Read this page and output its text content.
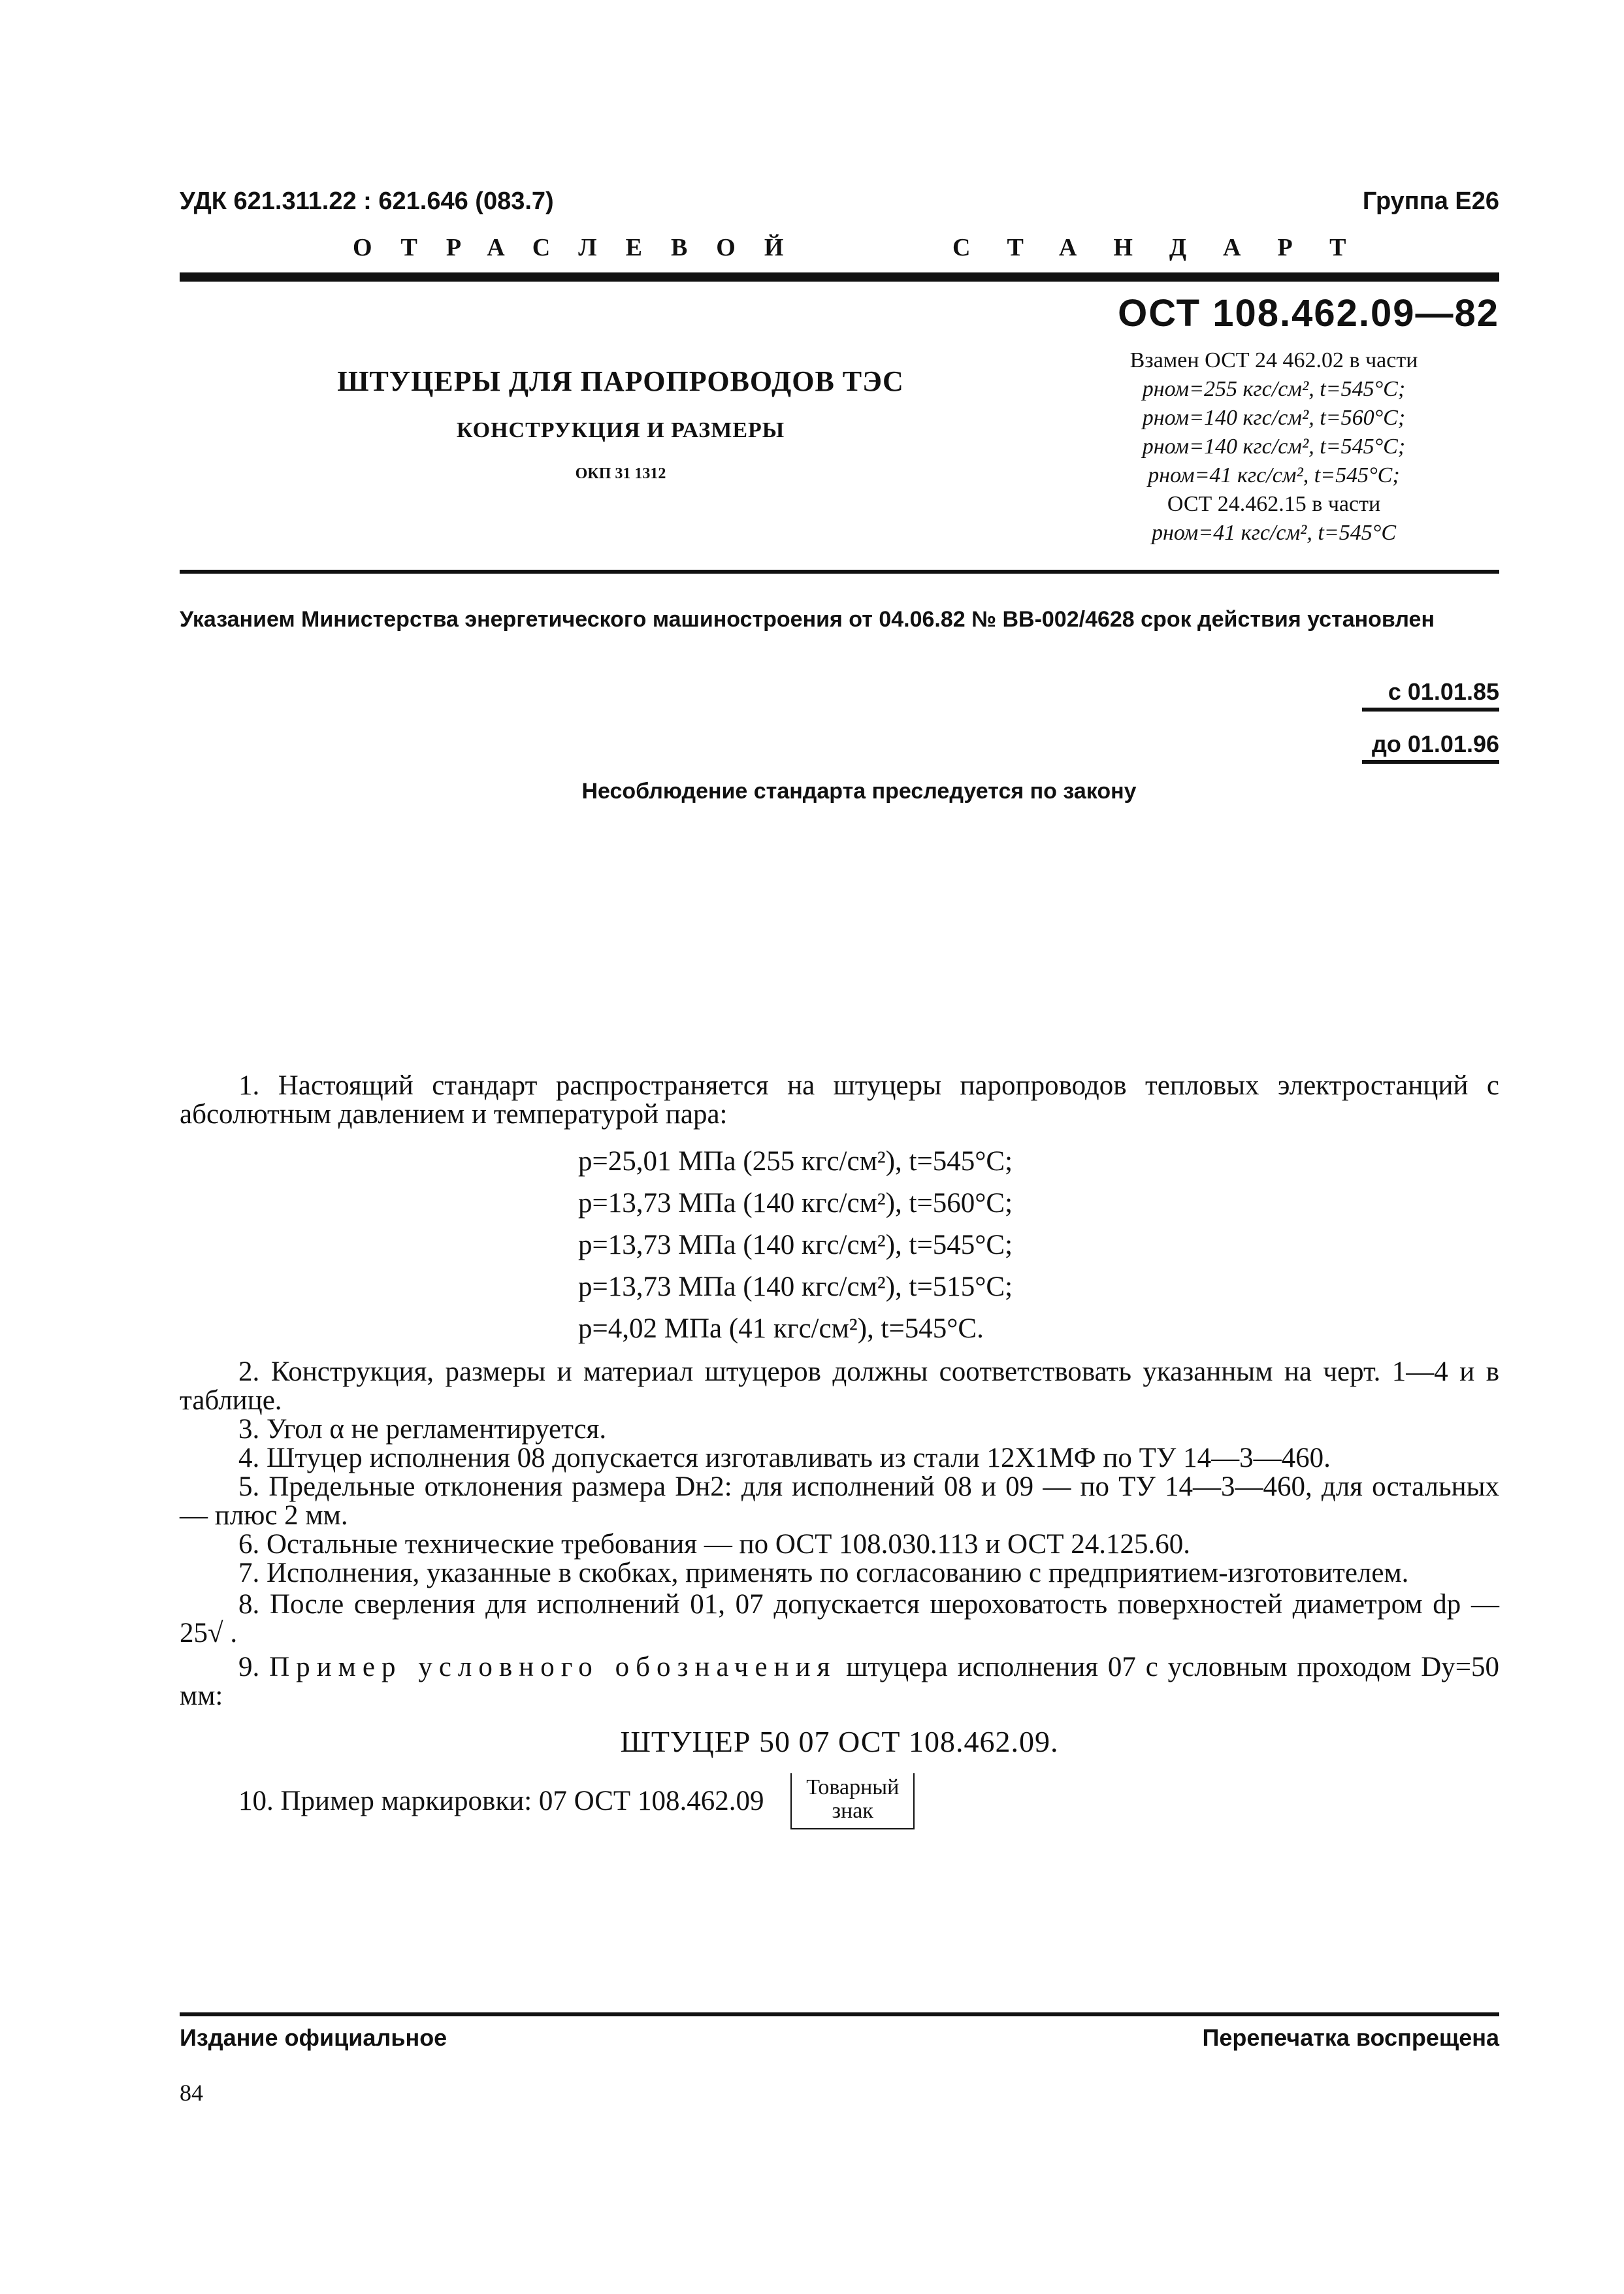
УДК 621.311.22 : 621.646 (083.7)	Группа Е26
ОТРАСЛЕВОЙ	СТАНДАРТ
ОСТ 108.462.09—82
ШТУЦЕРЫ ДЛЯ ПАРОПРОВОДОВ ТЭС
КОНСТРУКЦИЯ И РАЗМЕРЫ
ОКП 31 1312
Взамен ОСТ 24 462.02 в части
pном=255 кгс/см², t=545°С;
pном=140 кгс/см², t=560°С;
pном=140 кгс/см², t=545°С;
pном=41 кгс/см², t=545°С;
ОСТ 24.462.15 в части
pном=41 кгс/см², t=545°С
Указанием Министерства энергетического машиностроения от 04.06.82 № ВВ-002/4628 срок действия установлен
с 01.01.85
до 01.01.96
Несоблюдение стандарта преследуется по закону

1. Настоящий стандарт распространяется на штуцеры паропроводов тепловых электростанций с абсолютным давлением и температурой пара:

p=25,01 МПа (255 кгс/см²), t=545°С;
p=13,73 МПа (140 кгс/см²), t=560°С;
p=13,73 МПа (140 кгс/см²), t=545°С;
p=13,73 МПа (140 кгс/см²), t=515°С;
p=4,02 МПа (41 кгс/см²), t=545°С.

2. Конструкция, размеры и материал штуцеров должны соответствовать указанным на черт. 1—4 и в таблице.

3. Угол α не регламентируется.

4. Штуцер исполнения 08 допускается изготавливать из стали 12Х1МФ по ТУ 14—3—460.

5. Предельные отклонения размера Dн2: для исполнений 08 и 09 — по ТУ 14—3—460, для остальных — плюс 2 мм.

6. Остальные технические требования — по ОСТ 108.030.113 и ОСТ 24.125.60.

7. Исполнения, указанные в скобках, применять по согласованию с предприятием-изготовителем.

8. После сверления для исполнений 01, 07 допускается шероховатость поверхностей диаметром dр — 25√ .

9. Пример условного обозначения штуцера исполнения 07 с условным проходом Dу=50 мм:

ШТУЦЕР 50 07 ОСТ 108.462.09.
10. Пример маркировки: 07 ОСТ 108.462.09 Товарный
знак
Издание официальное	Перепечатка воспрещена
84
